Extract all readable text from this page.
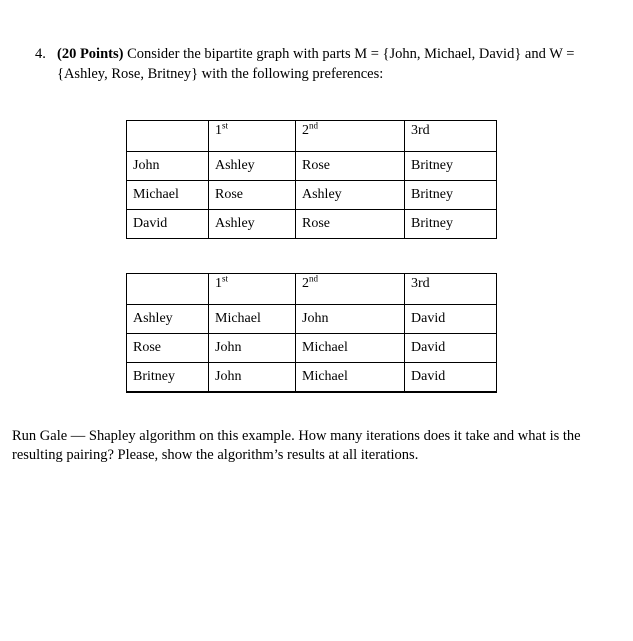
4. (20 Points) Consider the bipartite graph with parts M = {John, Michael, David} and W =
{Ashley, Rose, Britney} with the following preferences:
	1st	2nd	3rd
John	Ashley	Rose	Britney
Michael	Rose	Ashley	Britney
David	Ashley	Rose	Britney
	1st	2nd	3rd
Ashley	Michael	John	David
Rose	John	Michael	David
Britney	John	Michael	David
Run Gale — Shapley algorithm on this example. How many iterations does it take and what is the resulting pairing? Please, show the algorithm’s results at all iterations.
